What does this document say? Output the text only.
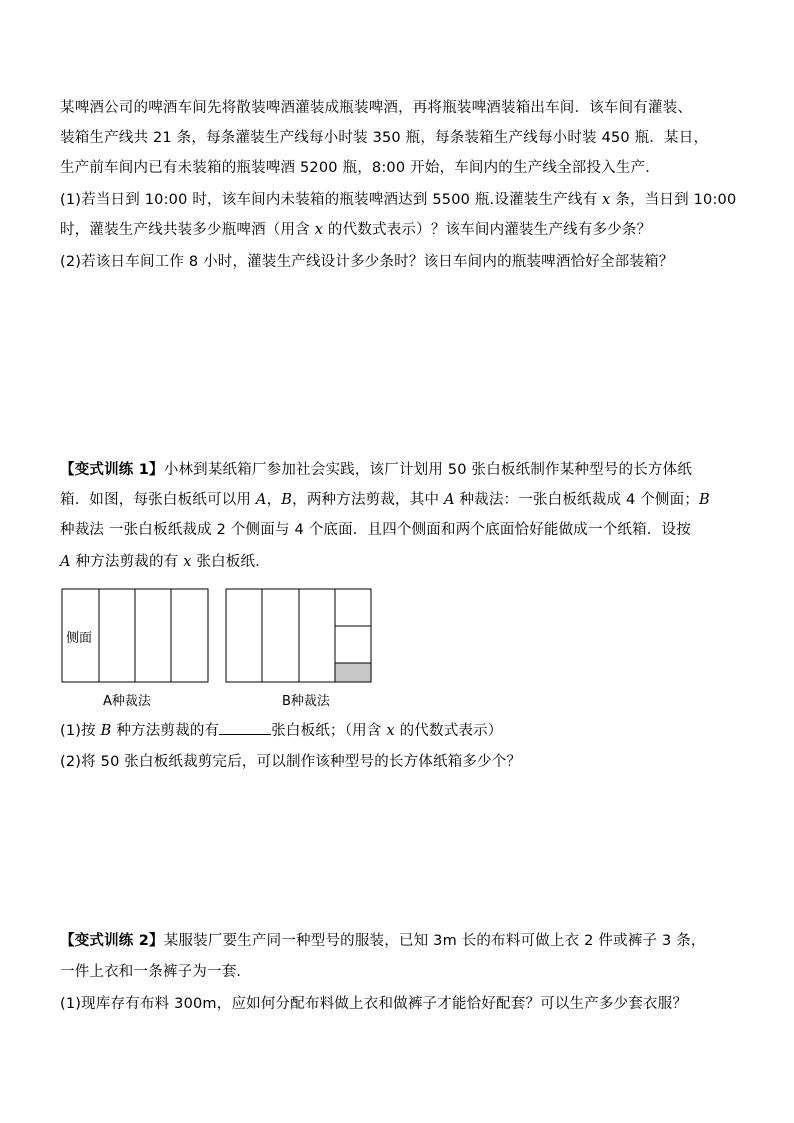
某啤酒公司的啤酒车间先将散装啤酒灌装成瓶装啤酒，再将瓶装啤酒装箱出车间．该车间有灌装、
装箱生产线共 21 条，每条灌装生产线每小时装 350 瓶，每条装箱生产线每小时装 450 瓶．某日，
生产前车间内已有未装箱的瓶装啤酒 5200 瓶，8:00 开始，车间内的生产线全部投入生产．
(1)若当日到 10:00 时，该车间内未装箱的瓶装啤酒达到 5500 瓶.设灌装生产线有 x 条，当日到 10:00
时，灌装生产线共装多少瓶啤酒（用含 x 的代数式表示）？该车间内灌装生产线有多少条？
(2)若该日车间工作 8 小时，灌装生产线设计多少条时？该日车间内的瓶装啤酒恰好全部装箱？
【变式训练 1】小林到某纸箱厂参加社会实践，该厂计划用 50 张白板纸制作某种型号的长方体纸
箱．如图，每张白板纸可以用 A，B，两种方法剪裁，其中 A 种裁法：一张白板纸裁成 4 个侧面；B
种裁法 一张白板纸裁成 2 个侧面与 4 个底面．且四个侧面和两个底面恰好能做成一个纸箱．设按
A 种方法剪裁的有 x 张白板纸．
侧面
A种裁法	B种裁法
(1)按 B 种方法剪裁的有	张白板纸；（用含 x 的代数式表示）
(2)将 50 张白板纸裁剪完后，可以制作该种型号的长方体纸箱多少个？
【变式训练 2】某服装厂要生产同一种型号的服装，已知 3m 长的布料可做上衣 2 件或裤子 3 条，
一件上衣和一条裤子为一套．
(1)现库存有布料 300m，应如何分配布料做上衣和做裤子才能恰好配套？可以生产多少套衣服？
